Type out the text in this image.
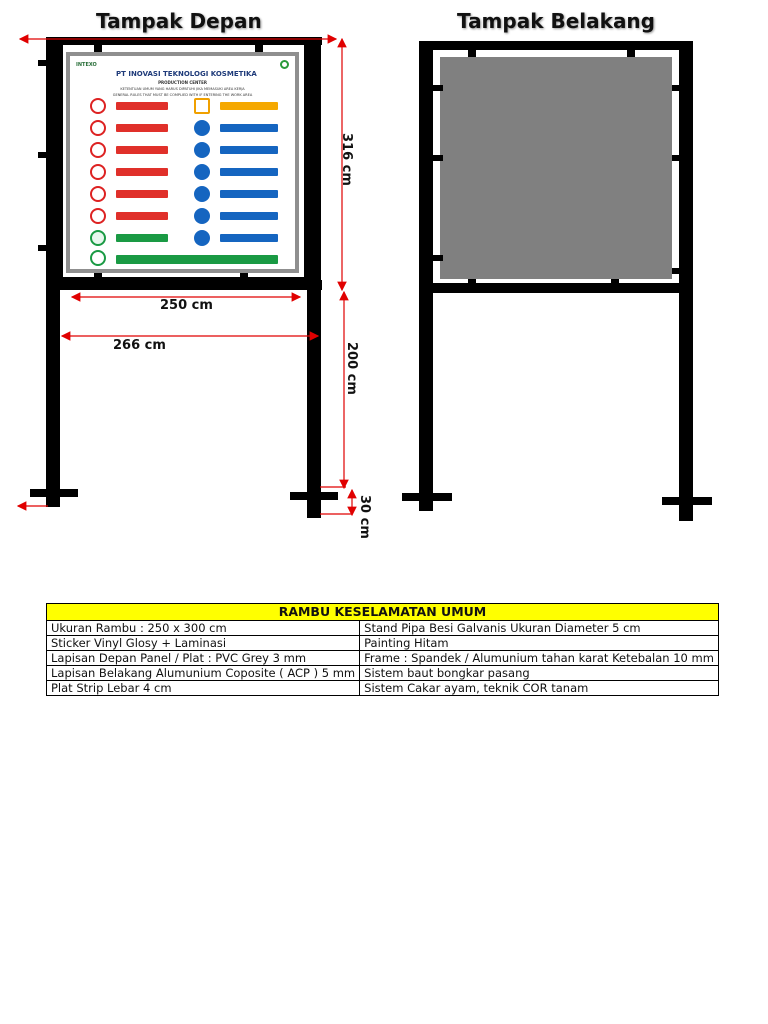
Tampak Depan
INTEXO
PT INOVASI TEKNOLOGI KOSMETIKA
PRODUCTION CENTER
KETENTUAN UMUM YANG HARUS DIPATUHI JIKA MEMASUKI AREA KERJA
GENERAL RULES THAT MUST BE COMPLIED WITH IF ENTERING THE WORK AREA
316 cm
250 cm
266 cm	200 cm
30 cm
Tampak Belakang
RAMBU KESELAMATAN UMUM	
Ukuran Rambu : 250 x 300 cm	Stand Pipa Besi Galvanis Ukuran Diameter 5 cm
Sticker Vinyl Glosy + Laminasi	Painting Hitam
Lapisan Depan Panel / Plat : PVC Grey 3 mm	Frame : Spandek / Alumunium tahan karat Ketebalan 10 mm
Lapisan Belakang Alumunium Coposite ( ACP ) 5 mm	Sistem baut bongkar pasang
Plat Strip Lebar 4 cm	Sistem Cakar ayam, teknik COR tanam
